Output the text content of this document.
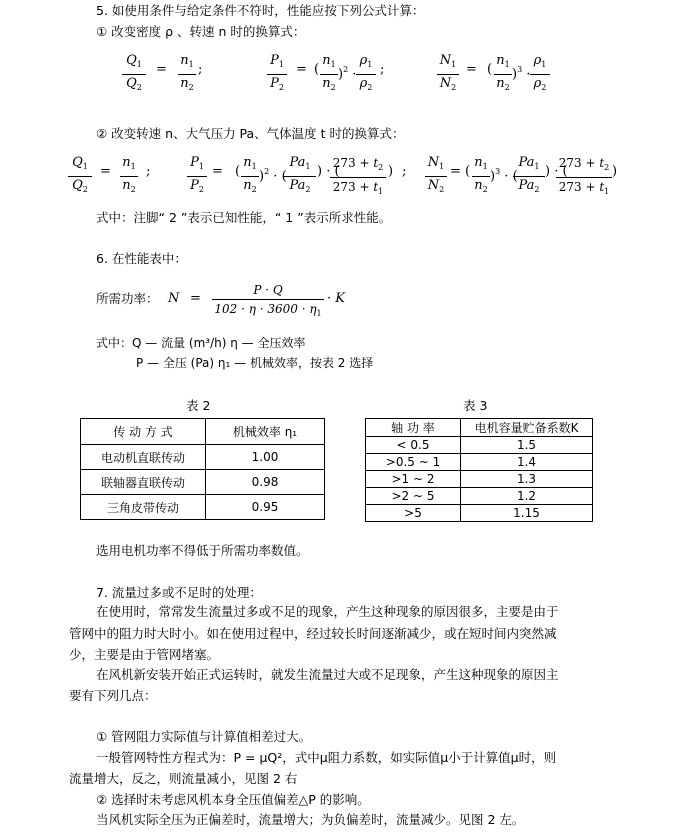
5. 如使用条件与给定条件不符时，性能应按下列公式计算：
① 改变密度 ρ 、转速 n 时的换算式：
$Q_1$
$Q_2$
=
$n_1$
$n_2$
;
$P_1$
$P_2$
= (
$n_1$
$n_2$
)$^2$ ·
$\rho_1$
$\rho_2$
;
$N_1$
$N_2$
= (
$n_1$
$n_2$
)$^3$ ·
$\rho_1$
$\rho_2$
② 改变转速 n、大气压力 Pa、气体温度 t 时的换算式：
$Q_1$
$Q_2$
=
$n_1$
$n_2$
;
$P_1$
$P_2$
= (
$n_1$
$n_2$
)$^2$ · (
$Pa_1$
$Pa_2$
) · (
$273 + t_2$
$273 + t_1$
) ;
$N_1$
$N_2$
= (
$n_1$
$n_2$
)$^3$ · (
$Pa_1$
$Pa_2$
) · (
$273 + t_2$
$273 + t_1$
)
式中：注脚“ 2 ”表示已知性能，“ 1 ”表示所求性能。
6. 在性能表中：
所需功率： N =
P · Q
$102 \cdot \eta \cdot 3600 \cdot \eta_1$
· K
式中：Q — 流量 (m³/h) η — 全压效率
P — 全压 (Pa) η₁ — 机械效率，按表 2 选择
表 2
传 动 方 式	机械效率 η₁
电动机直联传动	1.00
联轴器直联传动	0.98
三角皮带传动	0.95
表 3
轴 功 率	电机容量贮备系数K
< 0.5	1.5
>0.5 ~ 1	1.4
>1 ~ 2	1.3
>2 ~ 5	1.2
>5	1.15
选用电机功率不得低于所需功率数值。
7. 流量过多或不足时的处理：
在使用时，常常发生流量过多或不足的现象，产生这种现象的原因很多，主要是由于
管网中的阻力时大时小。如在使用过程中，经过较长时间逐渐减少，或在短时间内突然减
少，主要是由于管网堵塞。
在风机新安装开始正式运转时，就发生流量过大或不足现象，产生这种现象的原因主
要有下列几点：
① 管网阻力实际值与计算值相差过大。
一般管网特性方程式为：P = μQ²，式中μ阻力系数，如实际值μ小于计算值μ时，则
流量增大，反之，则流量减小，见图 2 右
② 选择时未考虑风机本身全压值偏差△P 的影响。
当风机实际全压为正偏差时，流量增大；为负偏差时，流量减少。见图 2 左。
